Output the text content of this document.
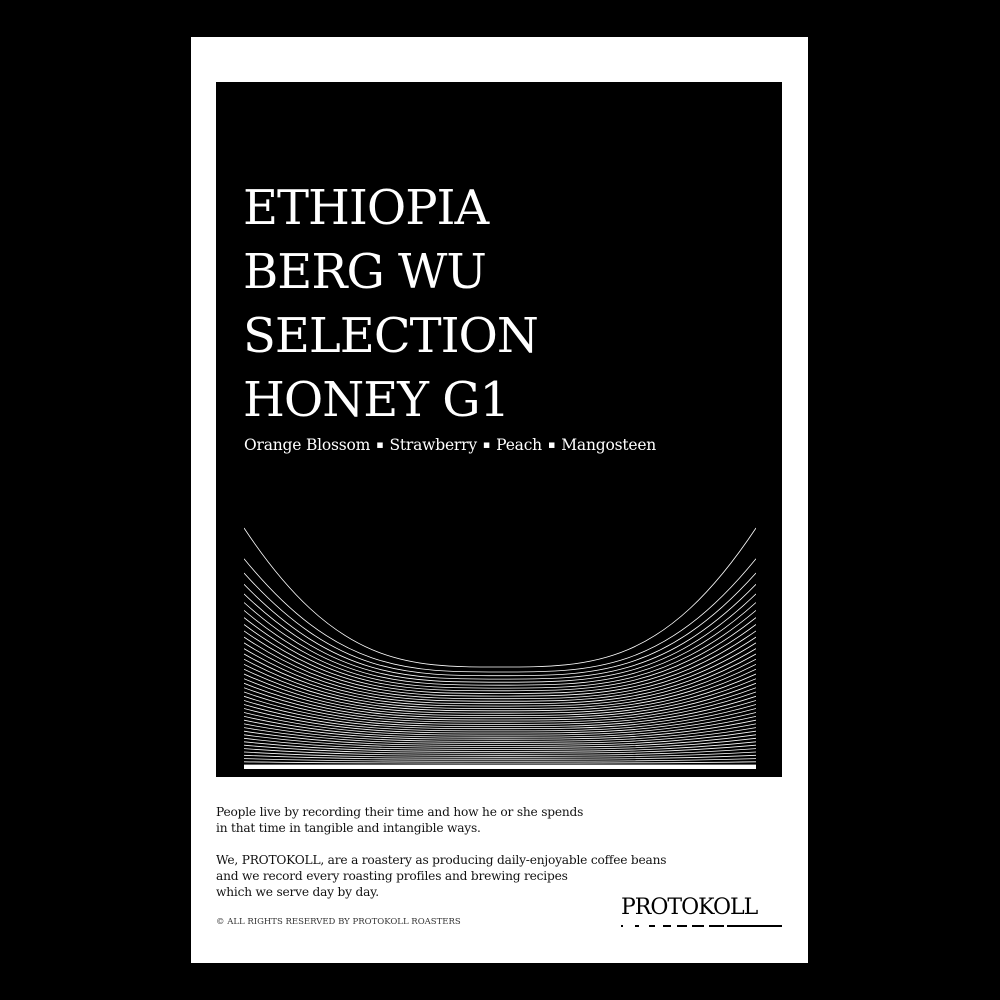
ETHIOPIA
BERG WU
SELECTION
HONEY G1
Orange Blossom ▪ Strawberry ▪ Peach ▪ Mangosteen
People live by recording their time and how he or she spends
in that time in tangible and intangible ways.
We, PROTOKOLL, are a roastery as producing daily-enjoyable coffee beans
and we record every roasting profiles and brewing recipes
which we serve day by day.
© ALL RIGHTS RESERVED BY PROTOKOLL ROASTERS
PROTOKOLL
